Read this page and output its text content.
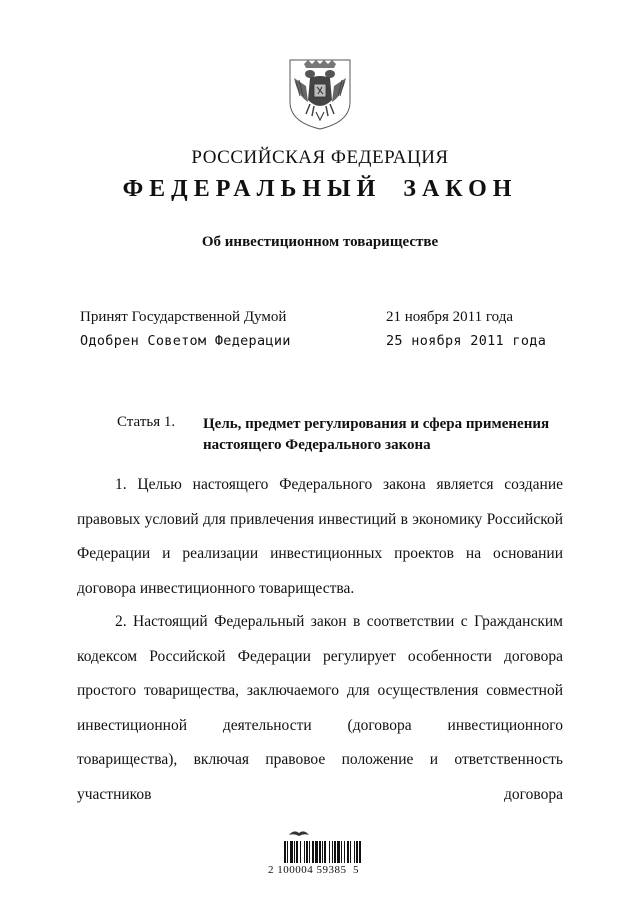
РОССИЙСКАЯ ФЕДЕРАЦИЯ
ФЕДЕРАЛЬНЫЙ ЗАКОН
Об инвестиционном товариществе
Принят Государственной Думой	21 ноября 2011 года
Одобрен Советом Федерации	25 ноября 2011 года
Статья 1. Цель, предмет регулирования и сфера применения настоящего Федерального закона

1. Целью настоящего Федерального закона является создание правовых условий для привлечения инвестиций в экономику Российской Федерации и реализации инвестиционных проектов на основании договора инвестиционного товарищества.

2. Настоящий Федеральный закон в соответствии с Гражданским кодексом Российской Федерации регулирует особенности договора простого товарищества, заключаемого для осуществления совместной инвестиционной деятельности (договора инвестиционного товарищества), включая правовое положение и ответственность участников договора

2 100004 59385  5
